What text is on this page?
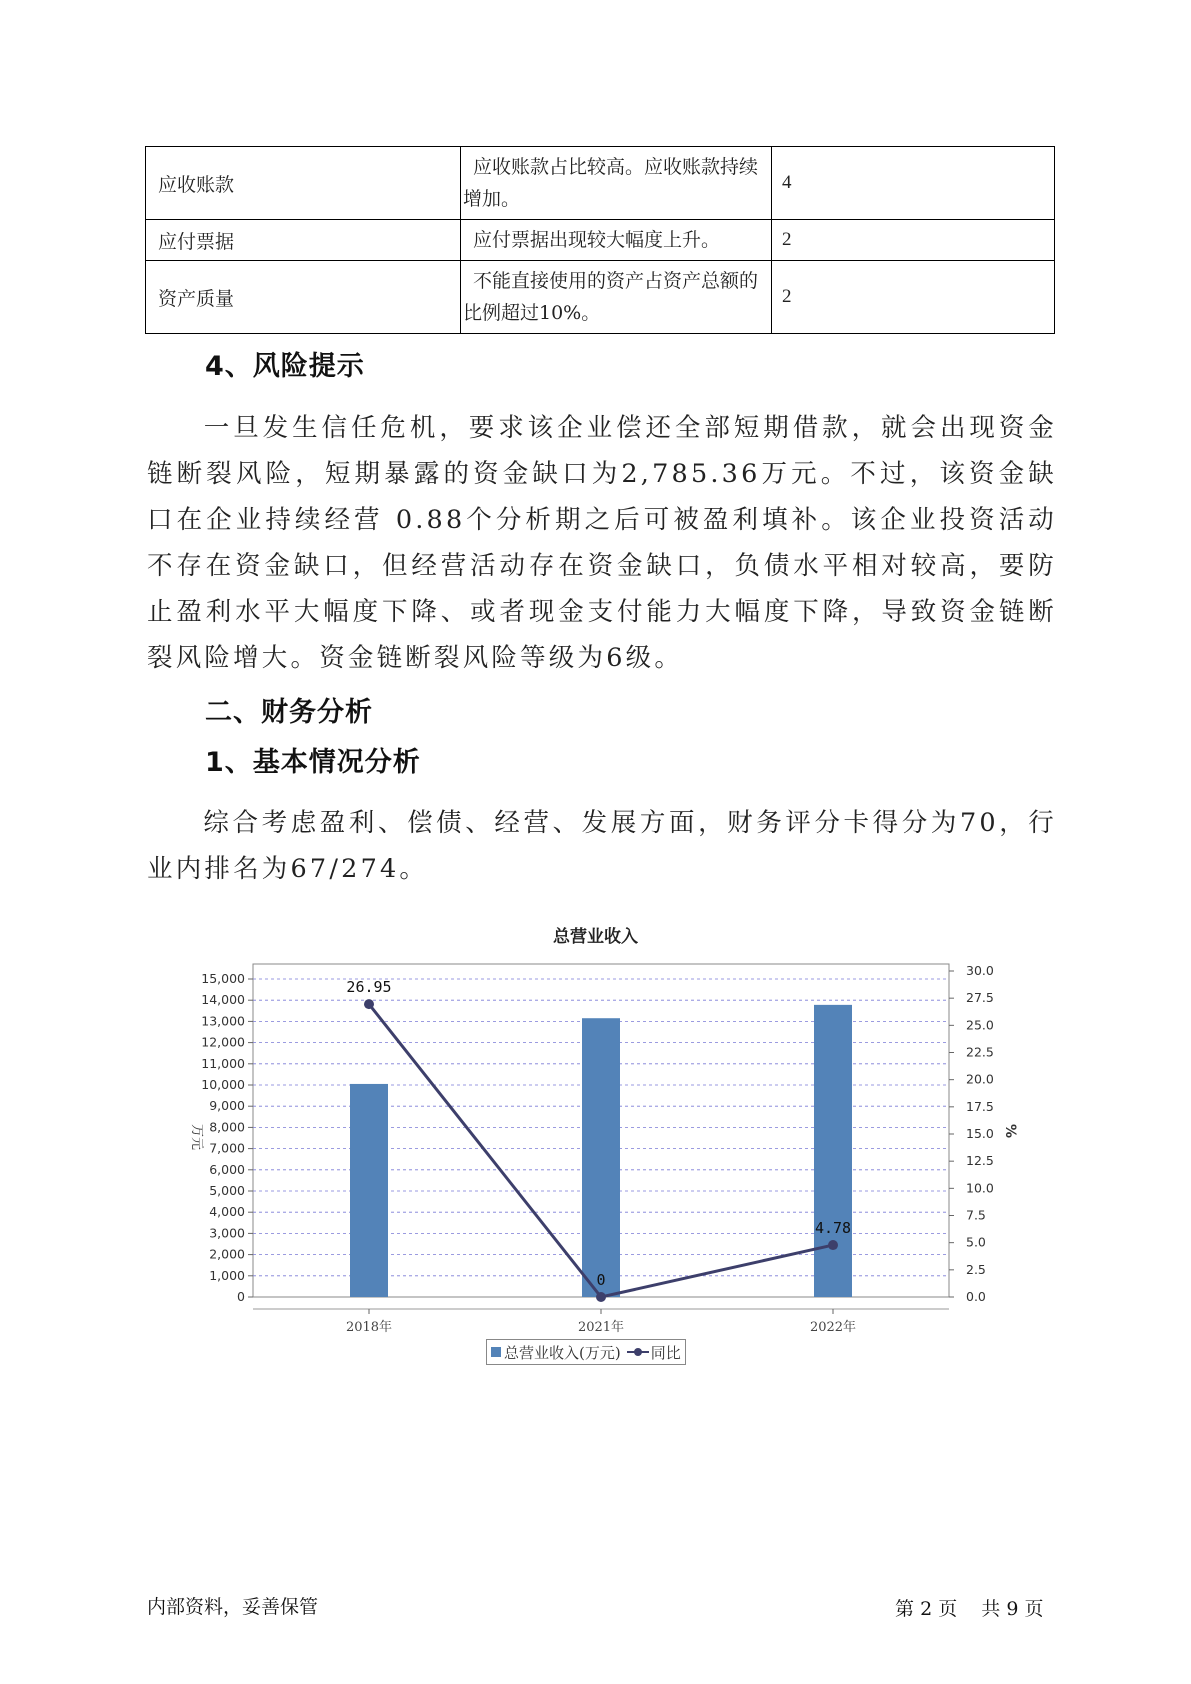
应收账款	应收账款占比较高。应收账款持续增加。	4
应付票据	应付票据出现较大幅度上升。	2
资产质量	不能直接使用的资产占资产总额的比例超过10%。	2
4、风险提示
一旦发生信任危机，要求该企业偿还全部短期借款，就会出现资金链断裂风险，短期暴露的资金缺口为2,785.36万元。不过，该资金缺口在企业持续经营 0.88个分析期之后可被盈利填补。该企业投资活动不存在资金缺口，但经营活动存在资金缺口，负债水平相对较高，要防止盈利水平大幅度下降、或者现金支付能力大幅度下降，导致资金链断裂风险增大。资金链断裂风险等级为6级。
二、财务分析
1、基本情况分析
综合考虑盈利、偿债、经营、发展方面，财务评分卡得分为70，行业内排名为67/274。
总营业收入
0
1,000
2,000
3,000
4,000
5,000
6,000
7,000
8,000
9,000
10,000
11,000
12,000
13,000
14,000
15,000
0.0
2.5
5.0
7.5
10.0
12.5
15.0
17.5
20.0
22.5
25.0
27.5
30.0
万元	%
2018年	2021年	2022年
26.95
0
4.78
总营业收入(万元) 同比
内部资料，妥善保管	第 2 页 共 9 页
